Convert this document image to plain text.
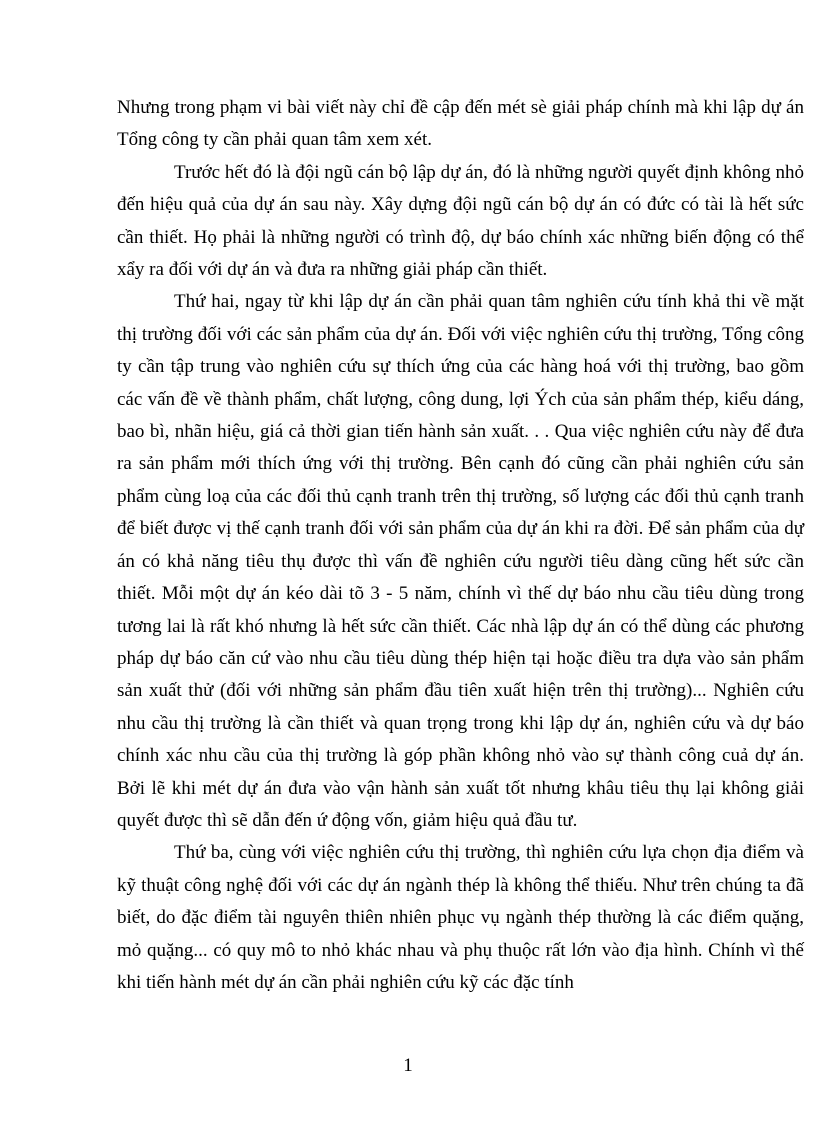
Nhưng trong phạm vi bài viết này chỉ đề cập đến mét sè giải pháp chính mà khi lập dự án Tổng công ty cần phải quan tâm xem xét.

Trước hết đó là đội ngũ cán bộ lập dự án, đó là những người quyết định không nhỏ đến hiệu quả của dự án sau này. Xây dựng đội ngũ cán bộ dự án có đức có tài là hết sức cần thiết. Họ phải là những người có trình độ, dự báo chính xác những biến động có thể xẩy ra đối với dự án và đưa ra những giải pháp cần thiết.

Thứ hai, ngay từ khi lập dự án cần phải quan tâm nghiên cứu tính khả thi về mặt thị trường đối với các sản phẩm của dự án. Đối với việc nghiên cứu thị trường, Tổng công ty cần tập trung vào nghiên cứu sự thích ứng của các hàng hoá với thị trường, bao gồm các vấn đề về thành phẩm, chất lượng, công dung, lợi Ých của sản phẩm thép, kiểu dáng, bao bì, nhãn hiệu, giá cả thời gian tiến hành sản xuất. . . Qua việc nghiên cứu này để đưa ra sản phẩm mới thích ứng với thị trường. Bên cạnh đó cũng cần phải nghiên cứu sản phẩm cùng loạ của các đối thủ cạnh tranh trên thị trường, số lượng các đối thủ cạnh tranh để biết được vị thế cạnh tranh đối với sản phẩm của dự án khi ra đời. Để sản phẩm của dự án có khả năng tiêu thụ được thì vấn đề nghiên cứu người tiêu dàng cũng hết sức cần thiết. Mỗi một dự án kéo dài tõ 3 - 5 năm, chính vì thế dự báo nhu cầu tiêu dùng trong tương lai là rất khó nhưng là hết sức cần thiết. Các nhà lập dự án có thể dùng các phương pháp dự báo căn cứ vào nhu cầu tiêu dùng thép hiện tại hoặc điều tra dựa vào sản phẩm sản xuất thử (đối với những sản phẩm đầu tiên xuất hiện trên thị trường)... Nghiên cứu nhu cầu thị trường là cần thiết và quan trọng trong khi lập dự án, nghiên cứu và dự báo chính xác nhu cầu của thị trường là góp phần không nhỏ vào sự thành công cuả dự án. Bởi lẽ khi mét dự án đưa vào vận hành sản xuất tốt nhưng khâu tiêu thụ lại không giải quyết được thì sẽ dẫn đến ứ động vốn, giảm hiệu quả đầu tư.

Thứ ba, cùng với việc nghiên cứu thị trường, thì nghiên cứu lựa chọn địa điểm và kỹ thuật công nghệ đối với các dự án ngành thép là không thể thiếu. Như trên chúng ta đã biết, do đặc điểm tài nguyên thiên nhiên phục vụ ngành thép thường là các điểm quặng, mỏ quặng... có quy mô to nhỏ khác nhau và phụ thuộc rất lớn vào địa hình. Chính vì thế khi tiến hành mét dự án cần phải nghiên cứu kỹ các đặc tính

1
